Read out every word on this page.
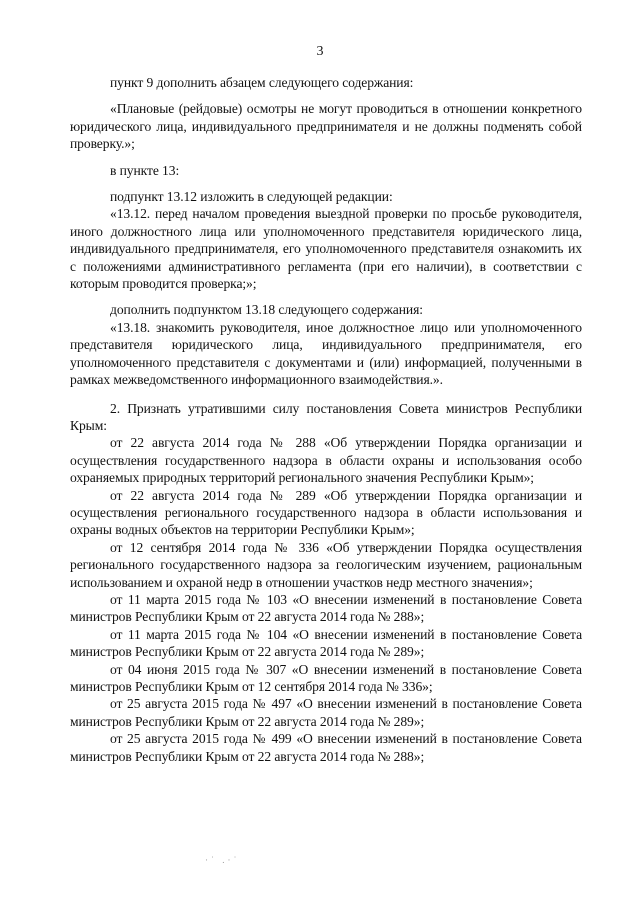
3

пункт 9 дополнить абзацем следующего содержания:

«Плановые (рейдовые) осмотры не могут проводиться в отношении конкретного юридического лица, индивидуального предпринимателя и не должны подменять собой проверку.»;

в пункте 13:

подпункт 13.12 изложить в следующей редакции:

«13.12. перед началом проведения выездной проверки по просьбе руководителя, иного должностного лица или уполномоченного представителя юридического лица, индивидуального предпринимателя, его уполномоченного представителя ознакомить их с положениями административного регламента (при его наличии), в соответствии с которым проводится проверка;»;

дополнить подпунктом 13.18 следующего содержания:

«13.18. знакомить руководителя, иное должностное лицо или уполномоченного представителя юридического лица, индивидуального предпринимателя, его уполномоченного представителя с документами и (или) информацией, полученными в рамках межведомственного информационного взаимодействия.».

2. Признать утратившими силу постановления Совета министров Республики Крым:

от 22 августа 2014 года № 288 «Об утверждении Порядка организации и осуществления государственного надзора в области охраны и использования особо охраняемых природных территорий регионального значения Республики Крым»;

от 22 августа 2014 года № 289 «Об утверждении Порядка организации и осуществления регионального государственного надзора в области использования и охраны водных объектов на территории Республики Крым»;

от 12 сентября 2014 года № 336 «Об утверждении Порядка осуществления регионального государственного надзора за геологическим изучением, рациональным использованием и охраной недр в отношении участков недр местного значения»;

от 11 марта 2015 года № 103 «О внесении изменений в постановление Совета министров Республики Крым от 22 августа 2014 года № 288»;

от 11 марта 2015 года № 104 «О внесении изменений в постановление Совета министров Республики Крым от 22 августа 2014 года № 289»;

от 04 июня 2015 года № 307 «О внесении изменений в постановление Совета министров Республики Крым от 12 сентября 2014 года № 336»;

от 25 августа 2015 года № 497 «О внесении изменений в постановление Совета министров Республики Крым от 22 августа 2014 года № 289»;

от 25 августа 2015 года № 499 «О внесении изменений в постановление Совета министров Республики Крым от 22 августа 2014 года № 288»;

·˙ .·˙
